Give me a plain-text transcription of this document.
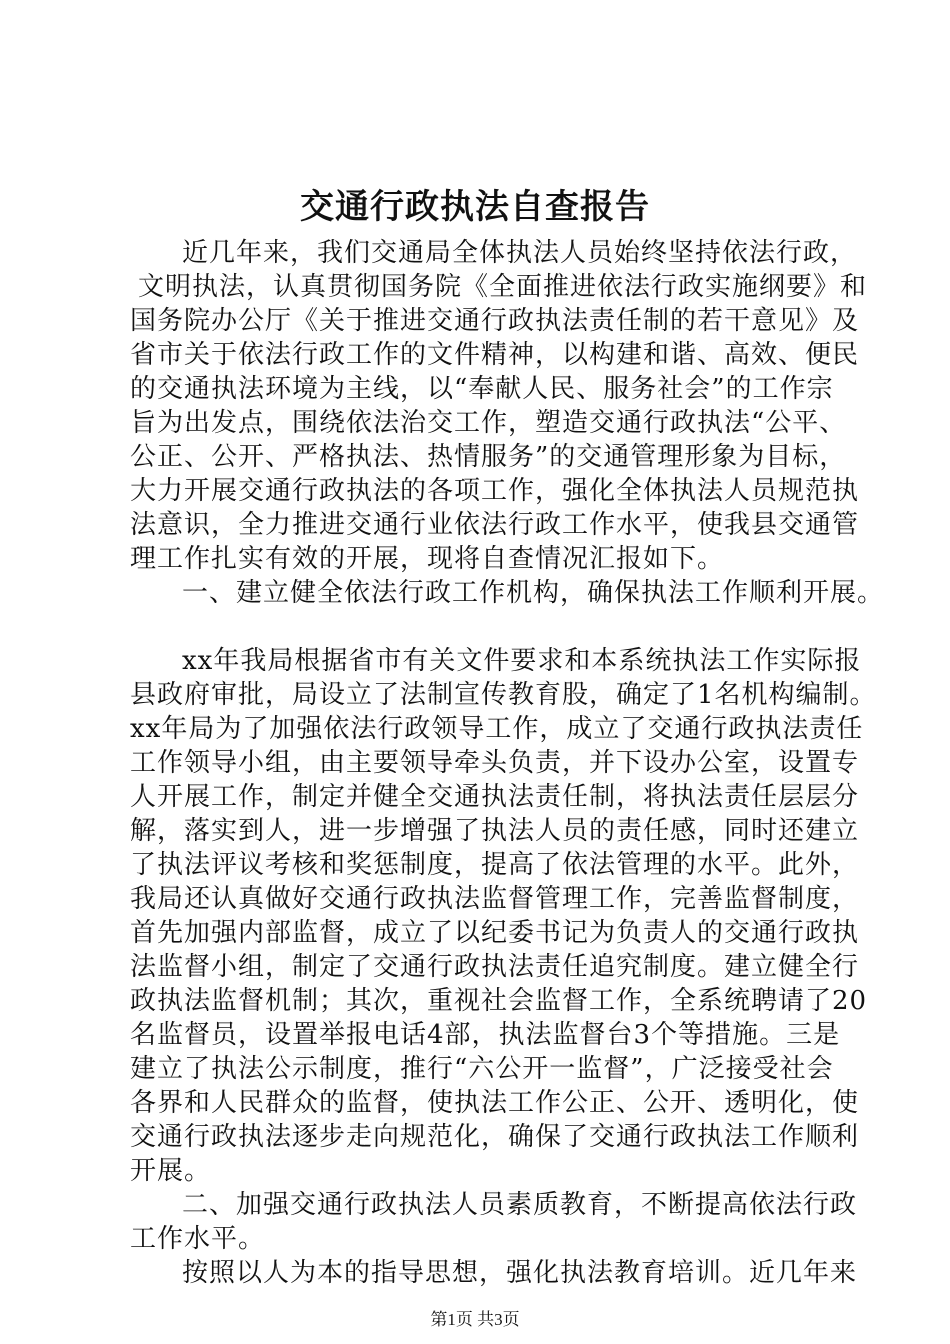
交通行政执法自查报告
近几年来，我们交通局全体执法人员始终坚持依法行政，
文明执法，认真贯彻国务院《全面推进依法行政实施纲要》和
国务院办公厅《关于推进交通行政执法责任制的若干意见》及
省市关于依法行政工作的文件精神，以构建和谐、高效、便民
的交通执法环境为主线，以“奉献人民、服务社会”的工作宗
旨为出发点，围绕依法治交工作，塑造交通行政执法“公平、
公正、公开、严格执法、热情服务”的交通管理形象为目标，
大力开展交通行政执法的各项工作，强化全体执法人员规范执
法意识，全力推进交通行业依法行政工作水平，使我县交通管
理工作扎实有效的开展，现将自查情况汇报如下。
一、建立健全依法行政工作机构，确保执法工作顺利开展。
xx年我局根据省市有关文件要求和本系统执法工作实际报
县政府审批，局设立了法制宣传教育股，确定了1名机构编制。
xx年局为了加强依法行政领导工作，成立了交通行政执法责任
工作领导小组，由主要领导牵头负责，并下设办公室，设置专
人开展工作，制定并健全交通执法责任制，将执法责任层层分
解，落实到人，进一步增强了执法人员的责任感，同时还建立
了执法评议考核和奖惩制度，提高了依法管理的水平。此外，
我局还认真做好交通行政执法监督管理工作，完善监督制度，
首先加强内部监督，成立了以纪委书记为负责人的交通行政执
法监督小组，制定了交通行政执法责任追究制度。建立健全行
政执法监督机制；其次，重视社会监督工作，全系统聘请了20
名监督员，设置举报电话4部，执法监督台3个等措施。三是
建立了执法公示制度，推行“六公开一监督”，广泛接受社会
各界和人民群众的监督，使执法工作公正、公开、透明化，使
交通行政执法逐步走向规范化，确保了交通行政执法工作顺利
开展。
二、加强交通行政执法人员素质教育，不断提高依法行政
工作水平。
按照以人为本的指导思想，强化执法教育培训。近几年来
第1页 共3页
